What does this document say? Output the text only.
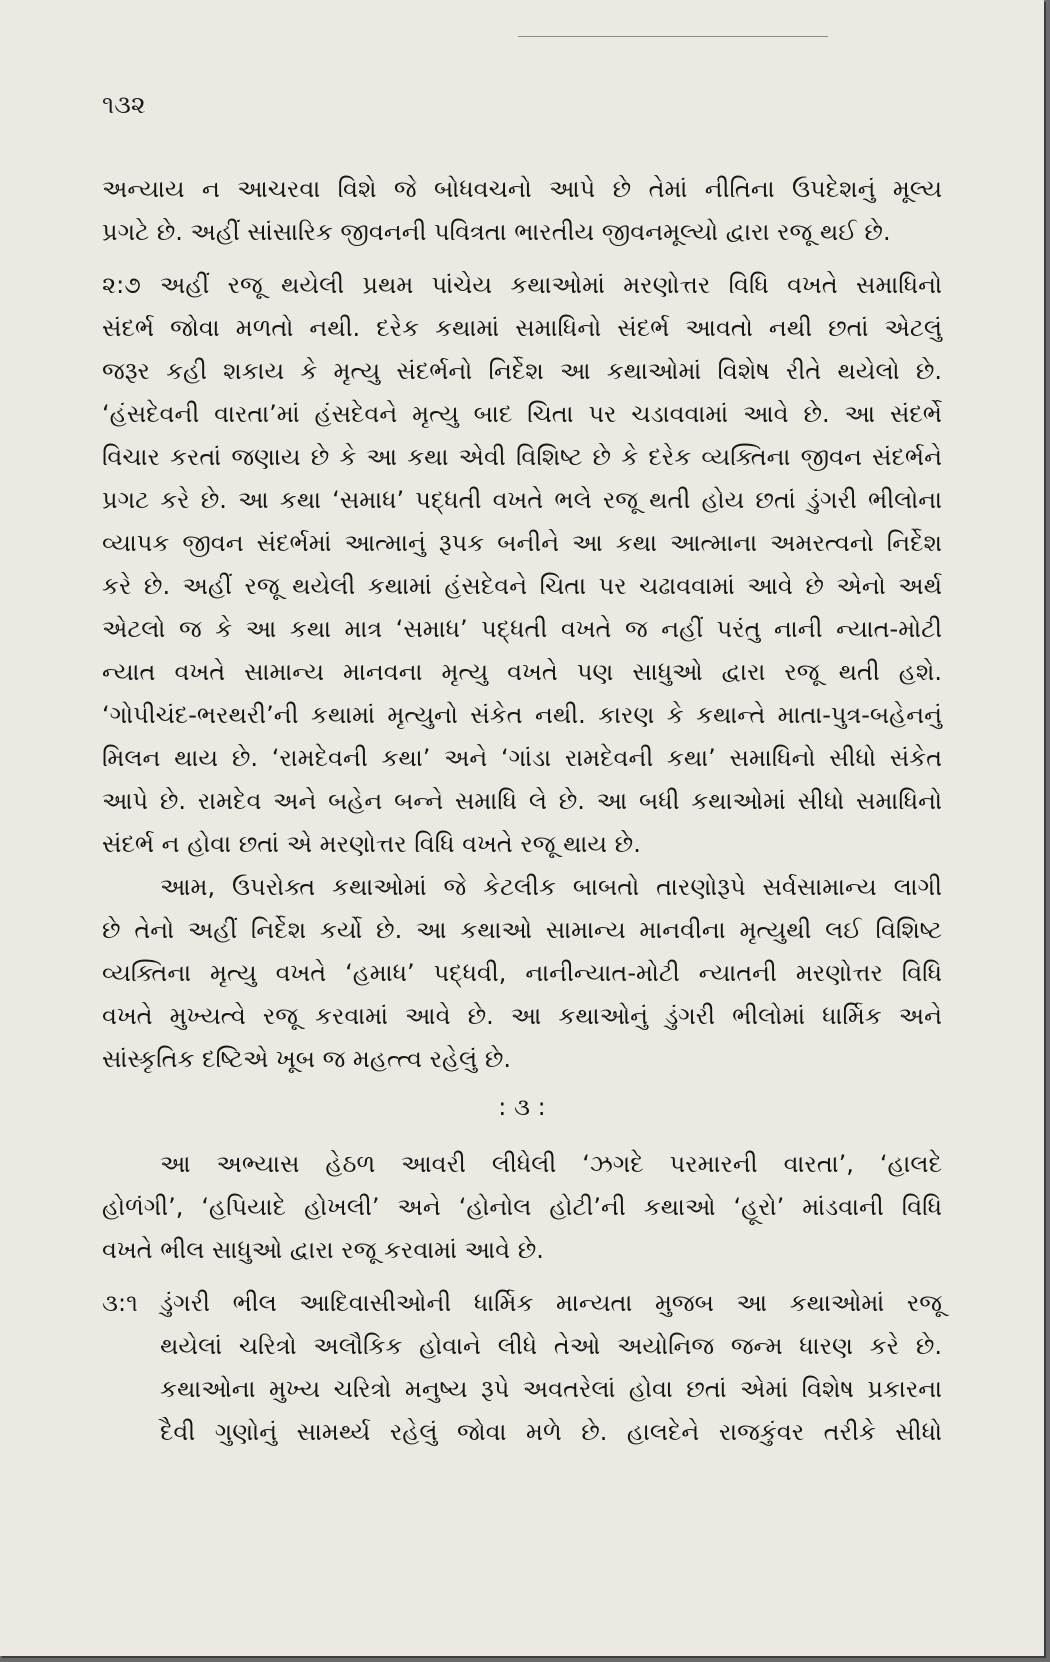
૧૩૨
અન્યાય ન આચરવા વિશે જે બોધવચનો આપે છે તેમાં નીતિના ઉપદેશનું મૂલ્ય
પ્રગટે છે. અહીં સાંસારિક જીવનની પવિત્રતા ભારતીય જીવનમૂલ્યો દ્વારા રજૂ થઈ છે.
૨:૭ અહીં રજૂ થયેલી પ્રથમ પાંચેય કથાઓમાં મરણોત્તર વિધિ વખતે સમાધિનો
સંદર્ભ જોવા મળતો નથી. દરેક કથામાં સમાધિનો સંદર્ભ આવતો નથી છતાં એટલું
જરૂર કહી શકાય કે મૃત્યુ સંદર્ભનો નિર્દેશ આ કથાઓમાં વિશેષ રીતે થયેલો છે.
‘હંસદેવની વારતા’માં હંસદેવને મૃત્યુ બાદ ચિતા પર ચડાવવામાં આવે છે. આ સંદર્ભે
વિચાર કરતાં જણાય છે કે આ કથા એવી વિશિષ્ટ છે કે દરેક વ્યક્તિના જીવન સંદર્ભને
પ્રગટ કરે છે. આ કથા ‘સમાધ’ પદ્ધતી વખતે ભલે રજૂ થતી હોય છતાં ડુંગરી ભીલોના
વ્યાપક જીવન સંદર્ભમાં આત્માનું રૂપક બનીને આ કથા આત્માના અમરત્વનો નિર્દેશ
કરે છે. અહીં રજૂ થયેલી કથામાં હંસદેવને ચિતા પર ચઢાવવામાં આવે છે એનો અર્થ
એટલો જ કે આ કથા માત્ર ‘સમાધ’ પદ્ધતી વખતે જ નહીં પરંતુ નાની ન્યાત-મોટી
ન્યાત વખતે સામાન્ય માનવના મૃત્યુ વખતે પણ સાધુઓ દ્વારા રજૂ થતી હશે.
‘ગોપીચંદ-ભરથરી’ની કથામાં મૃત્યુનો સંકેત નથી. કારણ કે કથાન્તે માતા-પુત્ર-બહેનનું
મિલન થાય છે. ‘રામદેવની કથા’ અને ‘ગાંડા રામદેવની કથા’ સમાધિનો સીધો સંકેત
આપે છે. રામદેવ અને બહેન બન્ને સમાધિ લે છે. આ બધી કથાઓમાં સીધો સમાધિનો
સંદર્ભ ન હોવા છતાં એ મરણોત્તર વિધિ વખતે રજૂ થાય છે.
આમ, ઉપરોક્ત કથાઓમાં જે કેટલીક બાબતો તારણોરૂપે સર્વસામાન્ય લાગી
છે તેનો અહીં નિર્દેશ કર્યો છે. આ કથાઓ સામાન્ય માનવીના મૃત્યુથી લઈ વિશિષ્ટ
વ્યક્તિના મૃત્યુ વખતે ‘હમાધ’ પદ્ધવી, નાનીન્યાત-મોટી ન્યાતની મરણોત્તર વિધિ
વખતે મુખ્યત્વે રજૂ કરવામાં આવે છે. આ કથાઓનું ડુંગરી ભીલોમાં ધાર્મિક અને
સાંસ્કૃતિક દષ્ટિએ ખૂબ જ મહત્ત્વ રહેલું છે.
: ૩ :
આ અભ્યાસ હેઠળ આવરી લીધેલી ‘ઝગદે પરમારની વારતા’, ‘હાલદે
હોળંગી’, ‘હપિયાદે હોખલી’ અને ‘હોનોલ હોટી’ની કથાઓ ‘હૂરો’ માંડવાની વિધિ
વખતે ભીલ સાધુઓ દ્વારા રજૂ કરવામાં આવે છે.
૩:૧ ડુંગરી ભીલ આદિવાસીઓની ધાર્મિક માન્યતા મુજબ આ કથાઓમાં રજૂ
થયેલાં ચરિત્રો અલૌકિક હોવાને લીધે તેઓ અયોનિજ જન્મ ધારણ કરે છે.
કથાઓના મુખ્ય ચરિત્રો મનુષ્ય રૂપે અવતરેલાં હોવા છતાં એમાં વિશેષ પ્રકારના
દૈવી ગુણોનું સામર્થ્ય રહેલું જોવા મળે છે. હાલદેને રાજકુંવર તરીકે સીધો
